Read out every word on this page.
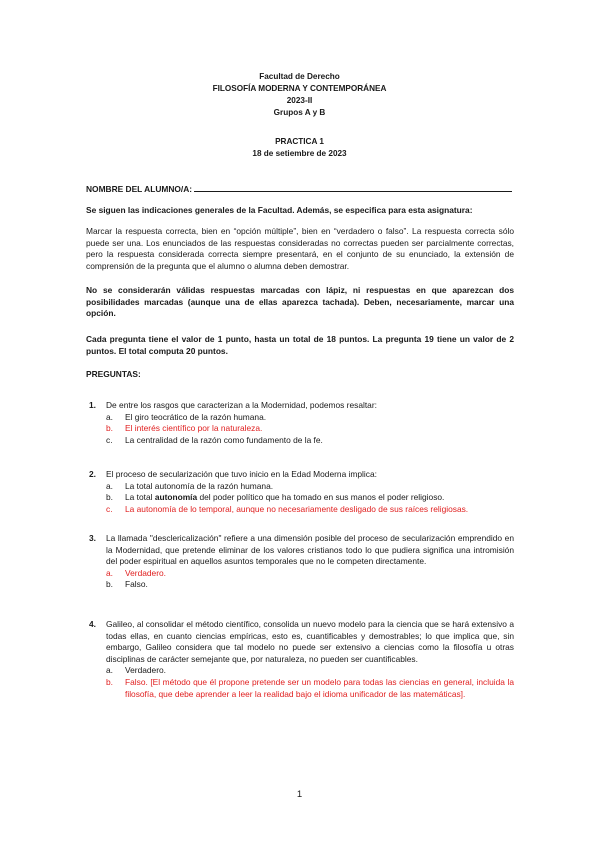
Facultad de Derecho
FILOSOFÍA MODERNA Y CONTEMPORÁNEA
2023-II
Grupos A y B
PRACTICA 1
18 de setiembre de 2023
NOMBRE DEL ALUMNO/A:

Se siguen las indicaciones generales de la Facultad. Además, se especifica para esta asignatura:

Marcar la respuesta correcta, bien en “opción múltiple”, bien en “verdadero o falso”. La respuesta correcta sólo puede ser una. Los enunciados de las respuestas consideradas no correctas pueden ser parcialmente correctas, pero la respuesta considerada correcta siempre presentará, en el conjunto de su enunciado, la extensión de comprensión de la pregunta que el alumno o alumna deben demostrar.

No se considerarán válidas respuestas marcadas con lápiz, ni respuestas en que aparezcan dos posibilidades marcadas (aunque una de ellas aparezca tachada). Deben, necesariamente, marcar una opción.

Cada pregunta tiene el valor de 1 punto, hasta un total de 18 puntos. La pregunta 19 tiene un valor de 2 puntos. El total computa 20 puntos.

PREGUNTAS:

1. De entre los rasgos que caracterizan a la Modernidad, podemos resaltar:

a. El giro teocrático de la razón humana.
b. El interés científico por la naturaleza.
c. La centralidad de la razón como fundamento de la fe.
2. El proceso de secularización que tuvo inicio en la Edad Moderna implica:

a. La total autonomía de la razón humana.
b. La total autonomía del poder político que ha tomado en sus manos el poder religioso.
c. La autonomía de lo temporal, aunque no necesariamente desligado de sus raíces religiosas.
3. La llamada "desclericalización" refiere a una dimensión posible del proceso de secularización emprendido en la Modernidad, que pretende eliminar de los valores cristianos todo lo que pudiera significa una intromisión del poder espiritual en aquellos asuntos temporales que no le competen directamente.

a. Verdadero.
b. Falso.
4. Galileo, al consolidar el método científico, consolida un nuevo modelo para la ciencia que se hará extensivo a todas ellas, en cuanto ciencias empíricas, esto es, cuantificables y demostrables; lo que implica que, sin embargo, Galileo considera que tal modelo no puede ser extensivo a ciencias como la filosofía u otras disciplinas de carácter semejante que, por naturaleza, no pueden ser cuantificables.

a. Verdadero.
b. Falso. [El método que él propone pretende ser un modelo para todas las ciencias en general, incluida la filosofía, que debe aprender a leer la realidad bajo el idioma unificador de las matemáticas].
1
